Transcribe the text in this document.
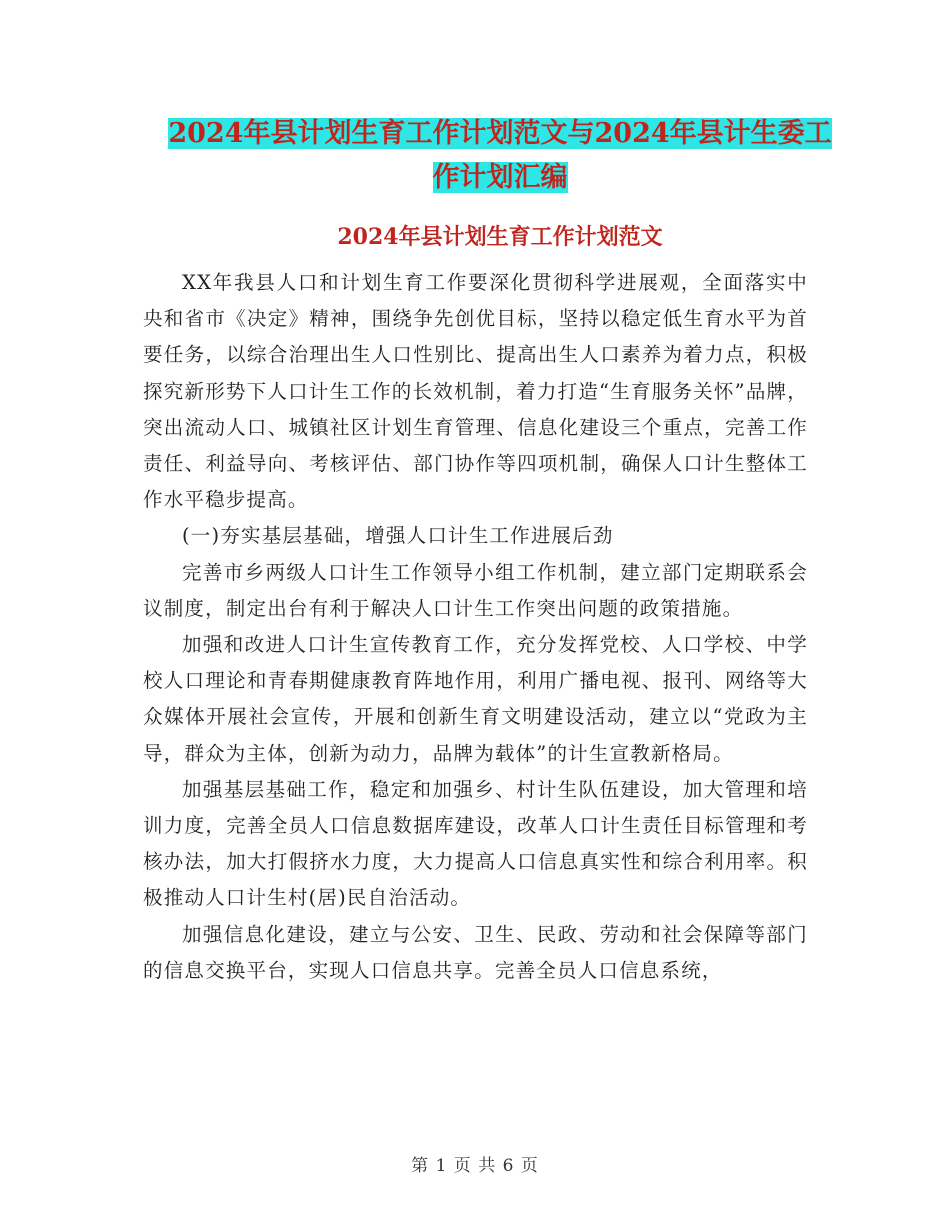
2024年县计划生育工作计划范文与2024年县计生委工
作计划汇编
2024年县计划生育工作计划范文

XX年我县人口和计划生育工作要深化贯彻科学进展观，全面落实中央和省市《决定》精神，围绕争先创优目标，坚持以稳定低生育水平为首要任务，以综合治理出生人口性别比、提高出生人口素养为着力点，积极探究新形势下人口计生工作的长效机制，着力打造“生育服务关怀”品牌，突出流动人口、城镇社区计划生育管理、信息化建设三个重点，完善工作责任、利益导向、考核评估、部门协作等四项机制，确保人口计生整体工作水平稳步提高。

(一)夯实基层基础，增强人口计生工作进展后劲

完善市乡两级人口计生工作领导小组工作机制，建立部门定期联系会议制度，制定出台有利于解决人口计生工作突出问题的政策措施。

加强和改进人口计生宣传教育工作，充分发挥党校、人口学校、中学校人口理论和青春期健康教育阵地作用，利用广播电视、报刊、网络等大众媒体开展社会宣传，开展和创新生育文明建设活动，建立以“党政为主导，群众为主体，创新为动力，品牌为载体”的计生宣教新格局。

加强基层基础工作，稳定和加强乡、村计生队伍建设，加大管理和培训力度，完善全员人口信息数据库建设，改革人口计生责任目标管理和考核办法，加大打假挤水力度，大力提高人口信息真实性和综合利用率。积极推动人口计生村(居)民自治活动。

加强信息化建设，建立与公安、卫生、民政、劳动和社会保障等部门的信息交换平台，实现人口信息共享。完善全员人口信息系统，

第 1 页 共 6 页
